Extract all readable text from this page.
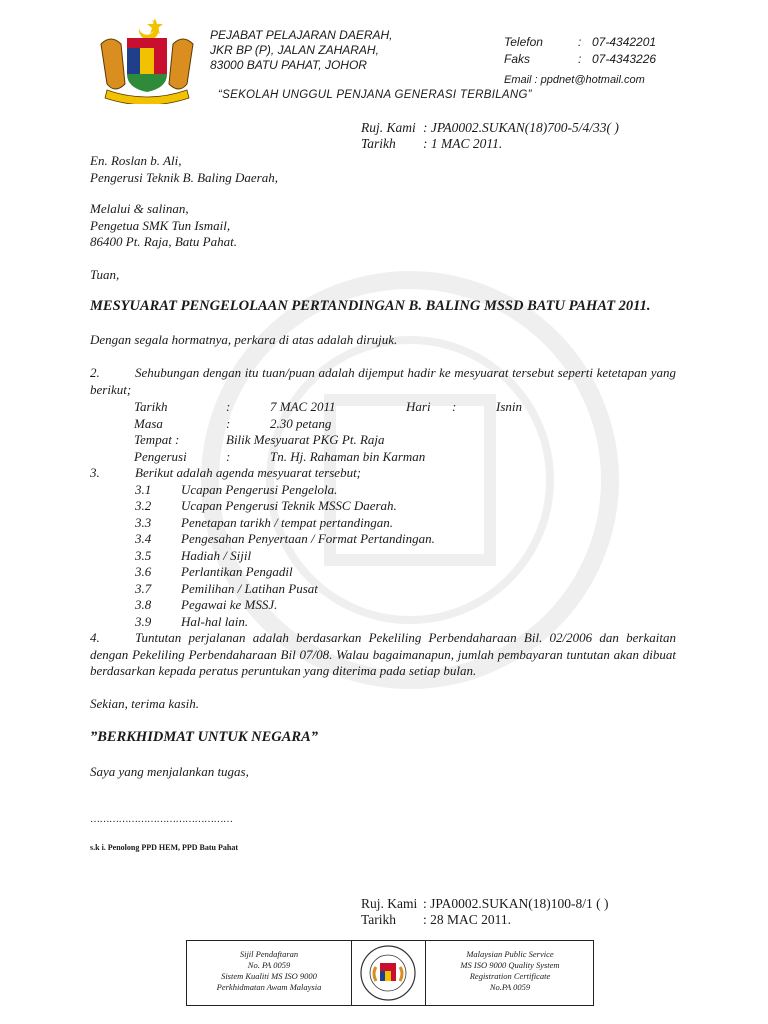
PEJABAT PELAJARAN DAERAH,
JKR BP (P), JALAN ZAHARAH,
83000 BATU PAHAT, JOHOR
Telefon	: 07-4342201
Faks	: 07-4343226
Email : ppdnet@hotmail.com
“SEKOLAH UNGGUL PENJANA GENERASI TERBILANG”
Ruj. Kami : JPA0002.SUKAN(18)700-5/4/33( )
Tarikh	: 1 MAC 2011.
En. Roslan b. Ali,
Pengerusi Teknik B. Baling Daerah,
Melalui & salinan,
Pengetua SMK Tun Ismail,
86400 Pt. Raja, Batu Pahat.
Tuan,
MESYUARAT PENGELOLAAN PERTANDINGAN B. BALING MSSD BATU PAHAT 2011.
Dengan segala hormatnya, perkara di atas adalah dirujuk.
2.	Sehubungan dengan itu tuan/puan adalah dijemput hadir ke mesyuarat tersebut seperti ketetapan yang berikut;
Tarikh	:	7 MAC 2011	Hari :	Isnin
Masa	:	2.30 petang
Tempat :	Bilik Mesyuarat PKG Pt. Raja
Pengerusi	:	Tn. Hj. Rahaman bin Karman
3.	Berikut adalah agenda mesyuarat tersebut;
3.1 Ucapan Pengerusi Pengelola.
3.2 Ucapan Pengerusi Teknik MSSC Daerah.
3.3 Penetapan tarikh / tempat pertandingan.
3.4 Pengesahan Penyertaan / Format Pertandingan.
3.5 Hadiah / Sijil
3.6 Perlantikan Pengadil
3.7 Pemilihan / Latihan Pusat
3.8 Pegawai ke MSSJ.
3.9 Hal-hal lain.
4.	Tuntutan perjalanan adalah berdasarkan Pekeliling Perbendaharaan Bil. 02/2006 dan berkaitan dengan Pekeliling Perbendaharaan Bil 07/08. Walau bagaimanapun, jumlah pembayaran tuntutan akan dibuat berdasarkan kepada peratus peruntukan yang diterima pada setiap bulan.
Sekian, terima kasih.
”BERKHIDMAT UNTUK NEGARA”
Saya yang menjalankan tugas,
………………………………………
s.k i. Penolong PPD HEM, PPD Batu Pahat
Ruj. Kami : JPA0002.SUKAN(18)100-8/1 ( )
Tarikh	: 28 MAC 2011.
Sijil Pendaftaran
No. PA 0059
Sistem Kualiti MS ISO 9000
Perkhidmatan Awam Malaysia
Malaysian Public Service
MS ISO 9000 Quality System
Registration Certificate
No.PA 0059
